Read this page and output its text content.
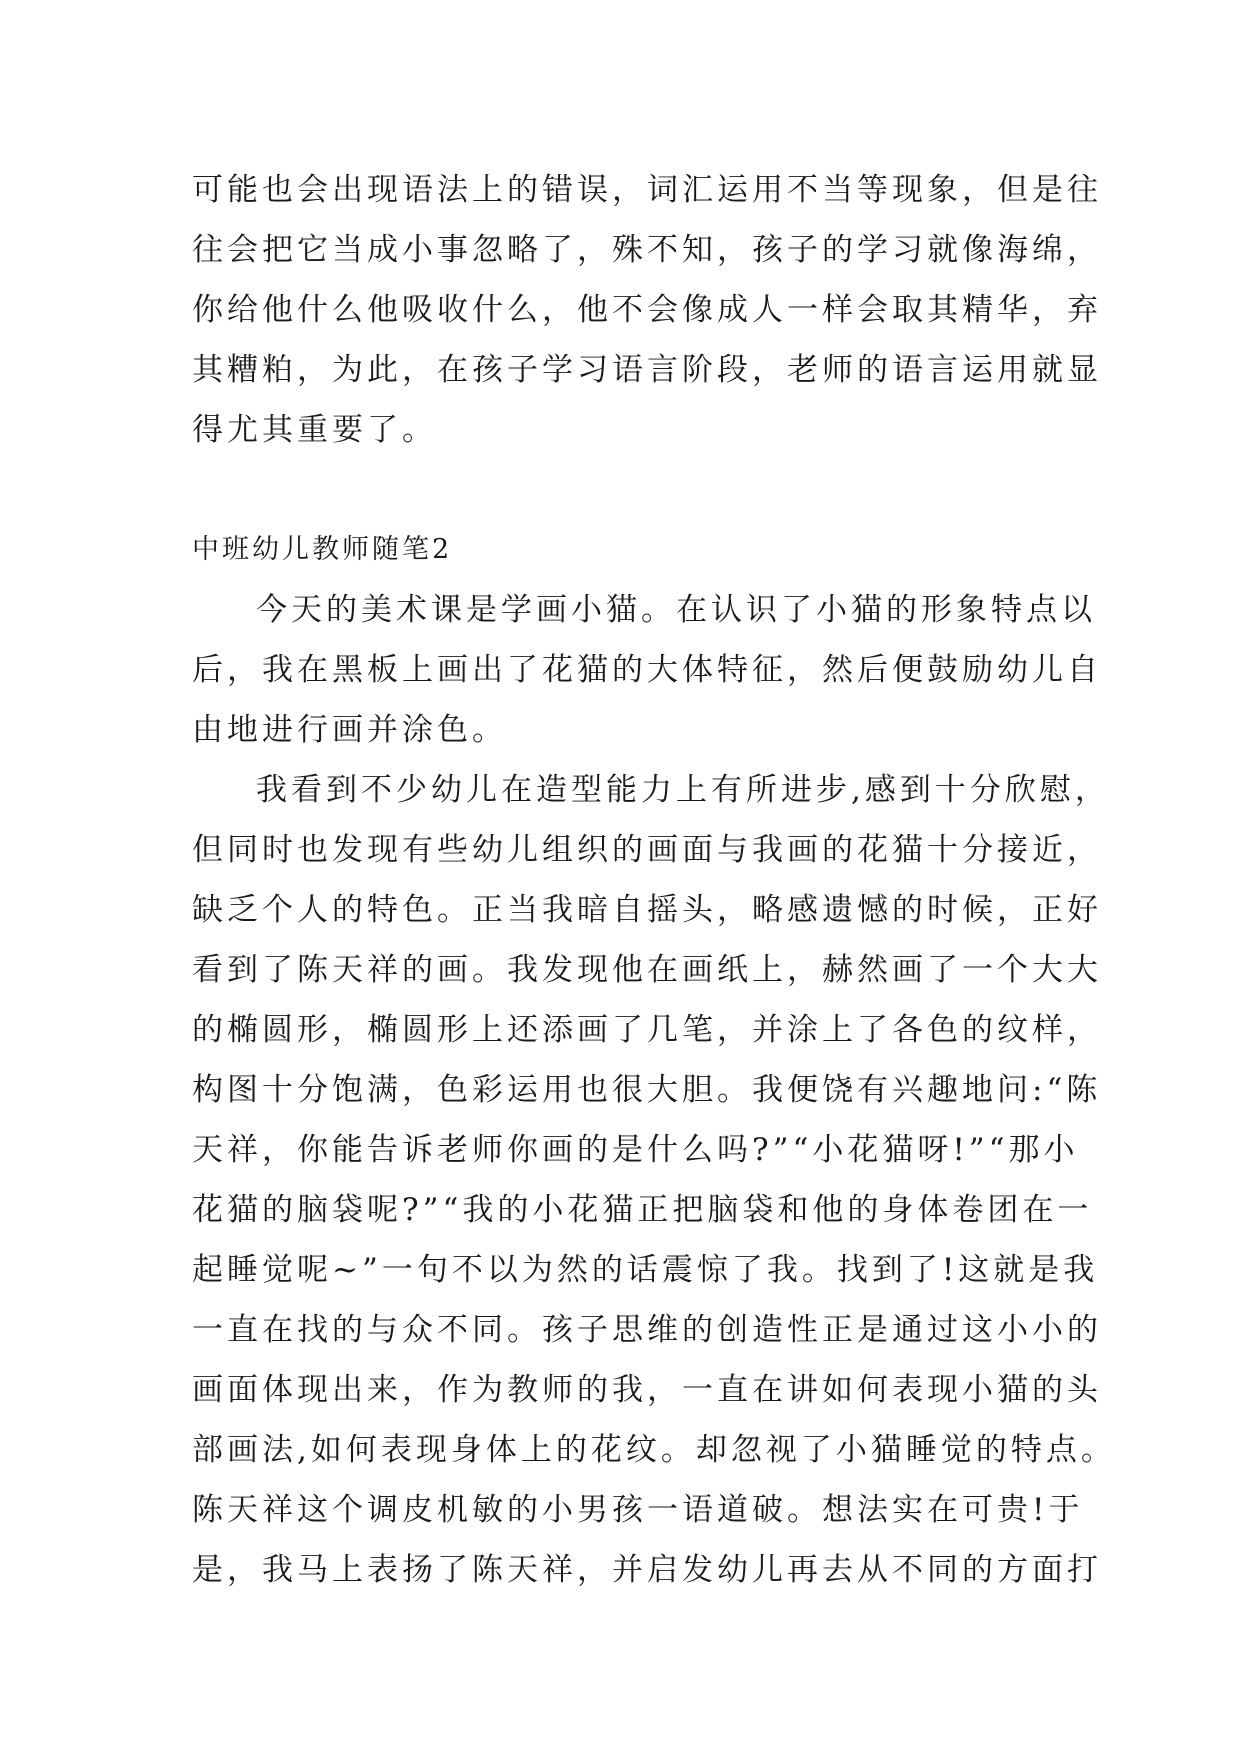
可能也会出现语法上的错误，词汇运用不当等现象，但是往
往会把它当成小事忽略了，殊不知，孩子的学习就像海绵，
你给他什么他吸收什么，他不会像成人一样会取其精华，弃
其糟粕，为此，在孩子学习语言阶段，老师的语言运用就显
得尤其重要了。
中班幼儿教师随笔2
今天的美术课是学画小猫。在认识了小猫的形象特点以
后，我在黑板上画出了花猫的大体特征，然后便鼓励幼儿自
由地进行画并涂色。
我看到不少幼儿在造型能力上有所进步,感到十分欣慰，
但同时也发现有些幼儿组织的画面与我画的花猫十分接近，
缺乏个人的特色。正当我暗自摇头，略感遗憾的时候，正好
看到了陈天祥的画。我发现他在画纸上，赫然画了一个大大
的椭圆形，椭圆形上还添画了几笔，并涂上了各色的纹样，
构图十分饱满，色彩运用也很大胆。我便饶有兴趣地问:“陈
天祥，你能告诉老师你画的是什么吗?”“小花猫呀!”“那小
花猫的脑袋呢?”“我的小花猫正把脑袋和他的身体卷团在一
起睡觉呢~”一句不以为然的话震惊了我。找到了!这就是我
一直在找的与众不同。孩子思维的创造性正是通过这小小的
画面体现出来，作为教师的我，一直在讲如何表现小猫的头
部画法,如何表现身体上的花纹。却忽视了小猫睡觉的特点。
陈天祥这个调皮机敏的小男孩一语道破。想法实在可贵!于
是，我马上表扬了陈天祥，并启发幼儿再去从不同的方面打
